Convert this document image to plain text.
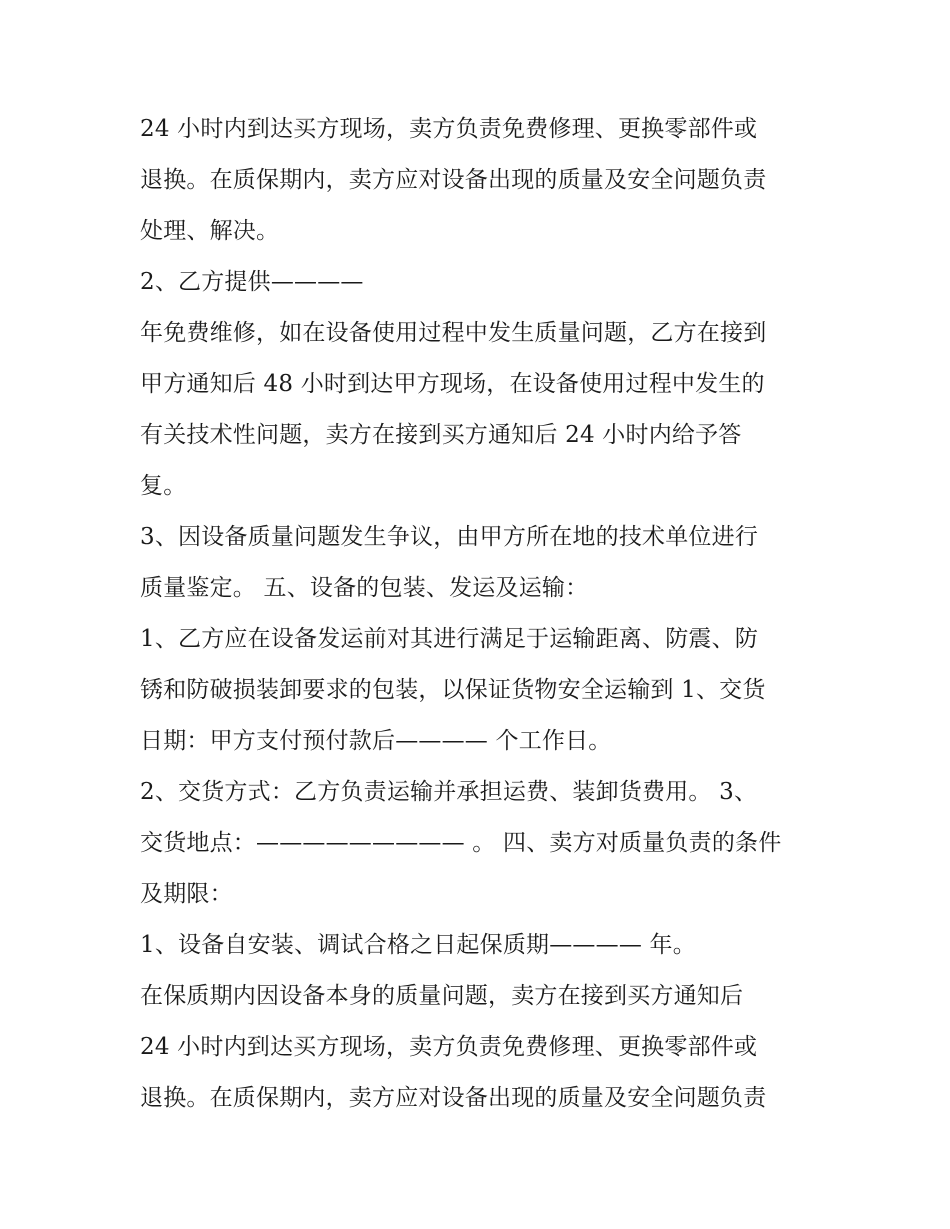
24 小时内到达买方现场，卖方负责免费修理、更换零部件或
退换。在质保期内，卖方应对设备出现的质量及安全问题负责
处理、解决。
2、乙方提供————
年免费维修，如在设备使用过程中发生质量问题，乙方在接到
甲方通知后 48 小时到达甲方现场，在设备使用过程中发生的
有关技术性问题，卖方在接到买方通知后 24 小时内给予答
复。
3、因设备质量问题发生争议，由甲方所在地的技术单位进行
质量鉴定。 五、设备的包装、发运及运输：
1、乙方应在设备发运前对其进行满足于运输距离、防震、防
锈和防破损装卸要求的包装，以保证货物安全运输到 1、交货
日期：甲方支付预付款后———— 个工作日。
2、交货方式：乙方负责运输并承担运费、装卸货费用。 3、
交货地点：————————— 。 四、卖方对质量负责的条件
及期限：
1、设备自安装、调试合格之日起保质期———— 年。
在保质期内因设备本身的质量问题，卖方在接到买方通知后
24 小时内到达买方现场，卖方负责免费修理、更换零部件或
退换。在质保期内，卖方应对设备出现的质量及安全问题负责
